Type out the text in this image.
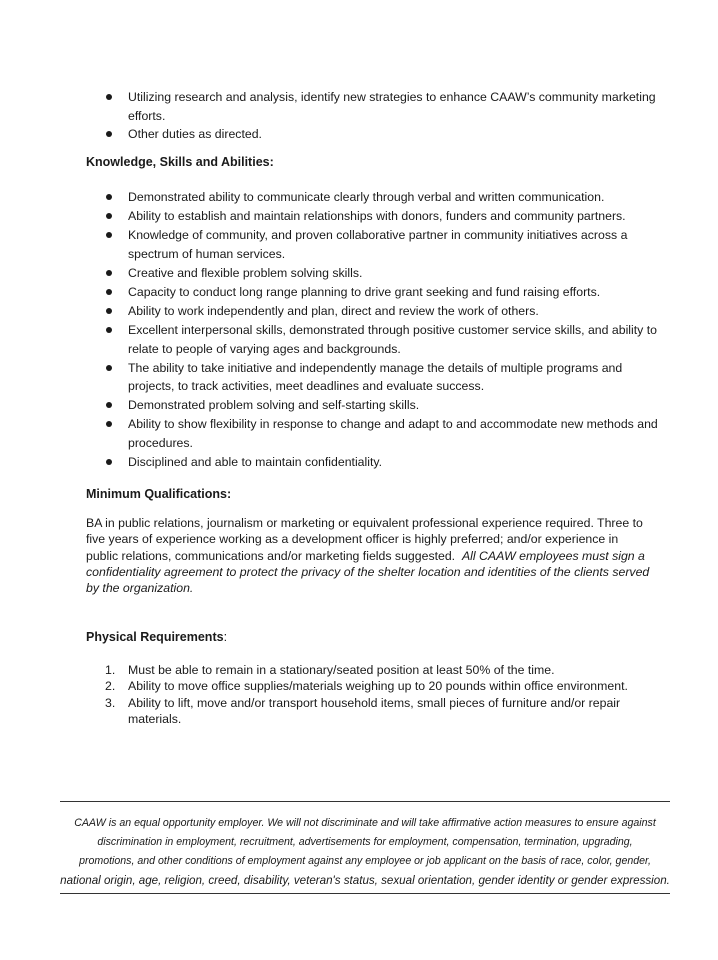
Utilizing research and analysis, identify new strategies to enhance CAAW’s community marketing efforts.
Other duties as directed.
Knowledge, Skills and Abilities:
Demonstrated ability to communicate clearly through verbal and written communication.
Ability to establish and maintain relationships with donors, funders and community partners.
Knowledge of community, and proven collaborative partner in community initiatives across a spectrum of human services.
Creative and flexible problem solving skills.
Capacity to conduct long range planning to drive grant seeking and fund raising efforts.
Ability to work independently and plan, direct and review the work of others.
Excellent interpersonal skills, demonstrated through positive customer service skills, and ability to relate to people of varying ages and backgrounds.
The ability to take initiative and independently manage the details of multiple programs and projects, to track activities, meet deadlines and evaluate success.
Demonstrated problem solving and self-starting skills.
Ability to show flexibility in response to change and adapt to and accommodate new methods and procedures.
Disciplined and able to maintain confidentiality.
Minimum Qualifications:
BA in public relations, journalism or marketing or equivalent professional experience required. Three to five years of experience working as a development officer is highly preferred; and/or experience in public relations, communications and/or marketing fields suggested. All CAAW employees must sign a confidentiality agreement to protect the privacy of the shelter location and identities of the clients served by the organization.
Physical Requirements:
1. Must be able to remain in a stationary/seated position at least 50% of the time.
2. Ability to move office supplies/materials weighing up to 20 pounds within office environment.
3. Ability to lift, move and/or transport household items, small pieces of furniture and/or repair materials.
CAAW is an equal opportunity employer. We will not discriminate and will take affirmative action measures to ensure against
discrimination in employment, recruitment, advertisements for employment, compensation, termination, upgrading,
promotions, and other conditions of employment against any employee or job applicant on the basis of race, color, gender,
national origin, age, religion, creed, disability, veteran's status, sexual orientation, gender identity or gender expression.
